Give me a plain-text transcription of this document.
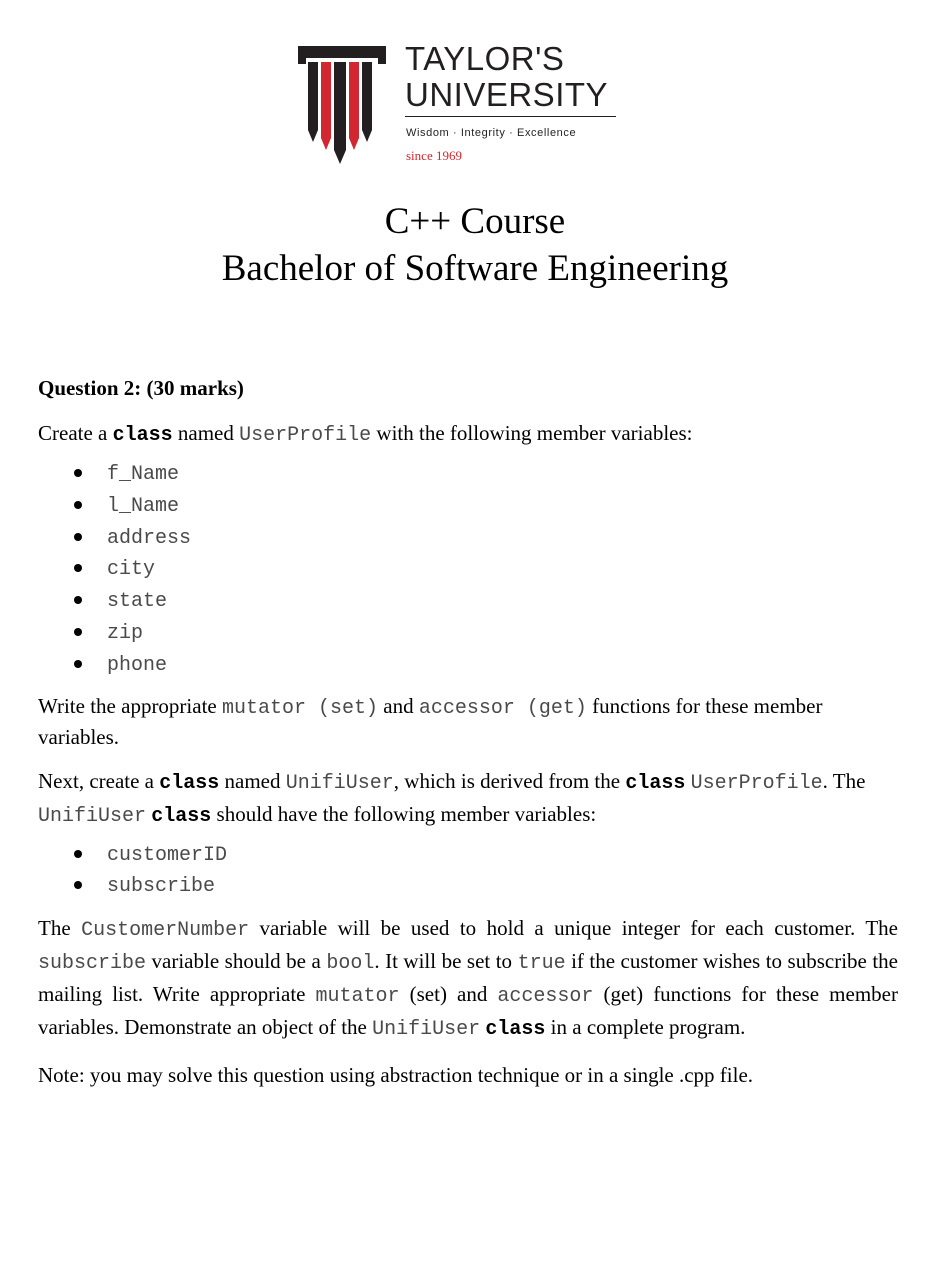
TAYLOR'S
UNIVERSITY
Wisdom · Integrity · Excellence
since 1969
C++ Course
Bachelor of Software Engineering

Question 2: (30 marks)

Create a class named UserProfile with the following member variables:

f_Name
l_Name
address
city
state
zip
phone

Write the appropriate mutator (set) and accessor (get) functions for these member variables.

Next, create a class named UnifiUser, which is derived from the class UserProfile. The UnifiUser class should have the following member variables:

customerID
subscribe

The CustomerNumber variable will be used to hold a unique integer for each customer. The subscribe variable should be a bool. It will be set to true if the customer wishes to subscribe the mailing list. Write appropriate mutator (set) and accessor (get) functions for these member variables. Demonstrate an object of the UnifiUser class in a complete program.

Note: you may solve this question using abstraction technique or in a single .cpp file.
